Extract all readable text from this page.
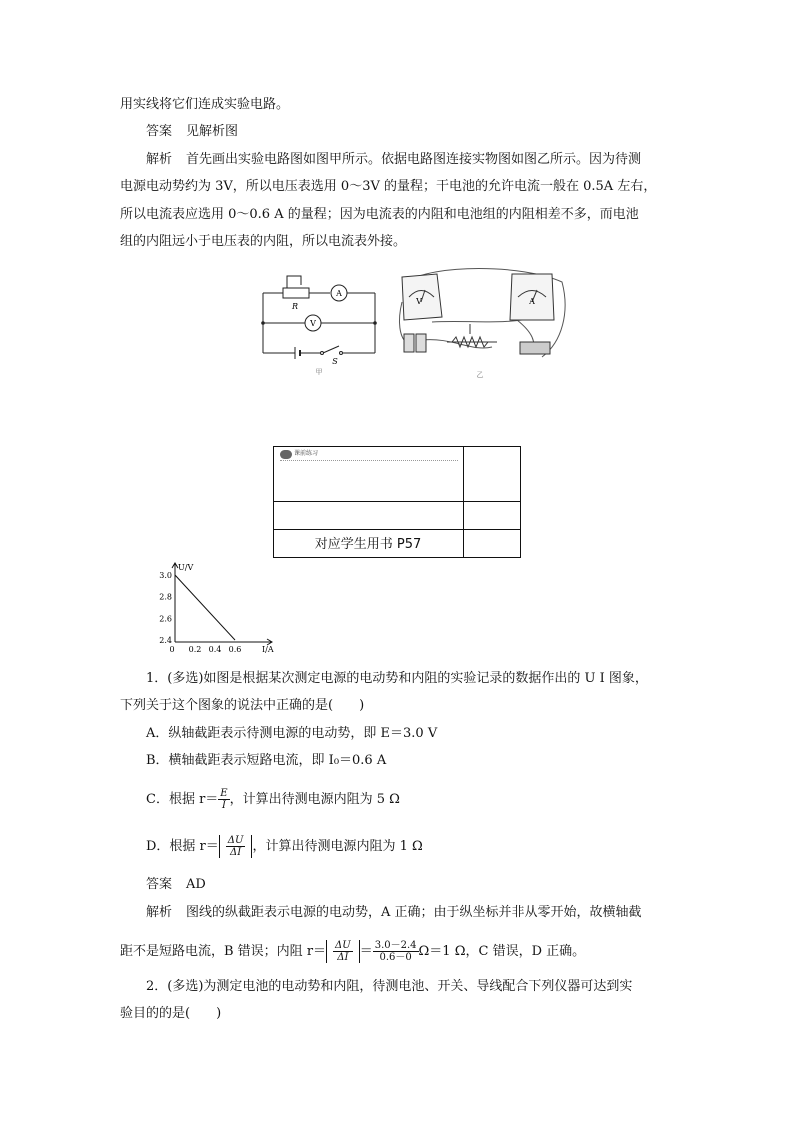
用实线将它们连成实验电路。
答案 见解析图
解析 首先画出实验电路图如图甲所示。依据电路图连接实物图如图乙所示。因为待测
电源电动势约为 3V，所以电压表选用 0～3V 的量程；干电池的允许电流一般在 0.5A 左右，
所以电流表应选用 0～0.6 A 的量程；因为电流表的内阻和电池组的内阻相差不多，而电池
组的内阻远小于电压表的内阻，所以电流表外接。
R
A
V
S
甲
V	A
乙
课前练习
对应学生用书 P57
3.0
2.8
2.6
2.4
0 0.2 0.4 0.6
U/V
I/A
1．(多选)如图是根据某次测定电源的电动势和内阻的实验记录的数据作出的 U I 图象，
下列关于这个图象的说法中正确的是(　　)
A．纵轴截距表示待测电源的电动势，即 E＝3.0 V
B．横轴截距表示短路电流，即 I₀＝0.6 A
C．根据 $r= \frac{E}{I}$ ，计算出待测电源内阻为 5 Ω
D．根据 $r= \frac{\Delta U}{\Delta I}$ ，计算出待测电源内阻为 1 Ω
答案 AD
解析 图线的纵截距表示电源的电动势，A 正确；由于纵坐标并非从零开始，故横轴截
距不是短路电流，B 错误；内阻 $r= \frac{\Delta U}{\Delta I} = \frac{3.0-2.4}{0.6-0} \Omega=1$ Ω，C 错误，D 正确。
2．(多选)为测定电池的电动势和内阻，待测电池、开关、导线配合下列仪器可达到实
验目的的是(　　)
